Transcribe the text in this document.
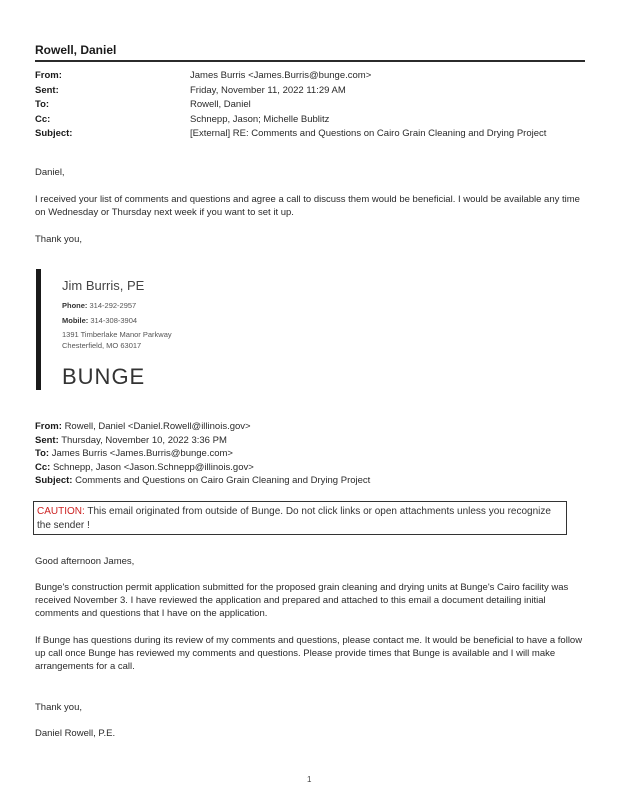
Rowell, Daniel
From:	James Burris <James.Burris@bunge.com>
Sent:	Friday, November 11, 2022 11:29 AM
To:	Rowell, Daniel
Cc:	Schnepp, Jason; Michelle Bublitz
Subject:	[External] RE: Comments and Questions on Cairo Grain Cleaning and Drying Project
Daniel,
I received your list of comments and questions and agree a call to discuss them would be beneficial. I would be available any time on Wednesday or Thursday next week if you want to set it up.
Thank you,
Jim Burris, PE
Phone: 314-292-2957
Mobile: 314-308-3904
1391 Timberlake Manor Parkway
Chesterfield, MO 63017
BUNGE
From: Rowell, Daniel <Daniel.Rowell@illinois.gov>
Sent: Thursday, November 10, 2022 3:36 PM
To: James Burris <James.Burris@bunge.com>
Cc: Schnepp, Jason <Jason.Schnepp@illinois.gov>
Subject: Comments and Questions on Cairo Grain Cleaning and Drying Project
CAUTION: This email originated from outside of Bunge. Do not click links or open attachments unless you recognize the sender !
Good afternoon James,
Bunge's construction permit application submitted for the proposed grain cleaning and drying units at Bunge's Cairo facility was received November 3. I have reviewed the application and prepared and attached to this email a document detailing initial comments and questions that I have on the application.
If Bunge has questions during its review of my comments and questions, please contact me. It would be beneficial to have a follow up call once Bunge has reviewed my comments and questions. Please provide times that Bunge is available and I will make arrangements for a call.
Thank you,
Daniel Rowell, P.E.
1
